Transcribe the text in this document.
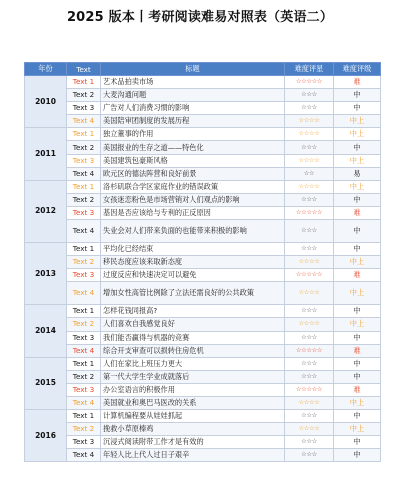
2025 版本丨考研阅读难易对照表（英语二）
年份	Text	标题	难度评星	难度评级
2010	Text 1	艺术品拍卖市场	☆☆☆☆☆	难
	Text 2	大麦沟通问题	☆☆☆	中
	Text 3	广告对人们消费习惯的影响	☆☆☆	中
	Text 4	美国陪审团制度的发展历程	☆☆☆☆	中上
2011	Text 1	独立董事的作用	☆☆☆☆	中上
	Text 2	美国报业的生存之道——特色化	☆☆☆	中
	Text 3	美国建筑包豪斯风格	☆☆☆☆	中上
	Text 4	欧元区的德法阵营和良好前景	☆☆	易
2012	Text 1	洛杉矶联合学区家庭作业的错误政策	☆☆☆☆	中上
	Text 2	女孩迷恋粉色是市场营销对人们观点的影响	☆☆☆	中
	Text 3	基因是否应该给与专利的正反原因	☆☆☆☆☆	难
	Text 4	失业会对人们带来负面的也能带来积极的影响	☆☆☆	中
2013	Text 1	平均化已经结束	☆☆☆	中
	Text 2	移民态度应该来取新态度	☆☆☆☆	中上
	Text 3	过度反应和快速决定可以避免	☆☆☆☆☆	难
	Text 4	增加女性高管比例除了立法还需良好的公共政策	☆☆☆☆	中上
2014	Text 1	怎样花钱同报高?	☆☆☆	中
	Text 2	人们喜欢自我感觉良好	☆☆☆☆	中上
	Text 3	我们能否赢得与机器的竞赛	☆☆☆	中
	Text 4	综合开支审查可以损转住房危机	☆☆☆☆☆	难
2015	Text 1	人们在家比上班压力更大	☆☆☆	中
	Text 2	第一代大学生学业成就落后	☆☆☆	中
	Text 3	办公室语言的积极作用	☆☆☆☆☆	难
	Text 4	美国就业和奥巴马医改的关系	☆☆☆☆	中上
2016	Text 1	计算机编程要从娃娃抓起	☆☆☆	中
	Text 2	挽救小草原榛鸡	☆☆☆☆	中上
	Text 3	沉浸式阅读附带工作才是有效的	☆☆☆	中
	Text 4	年轻人比上代人过日子艰辛	☆☆☆	中
